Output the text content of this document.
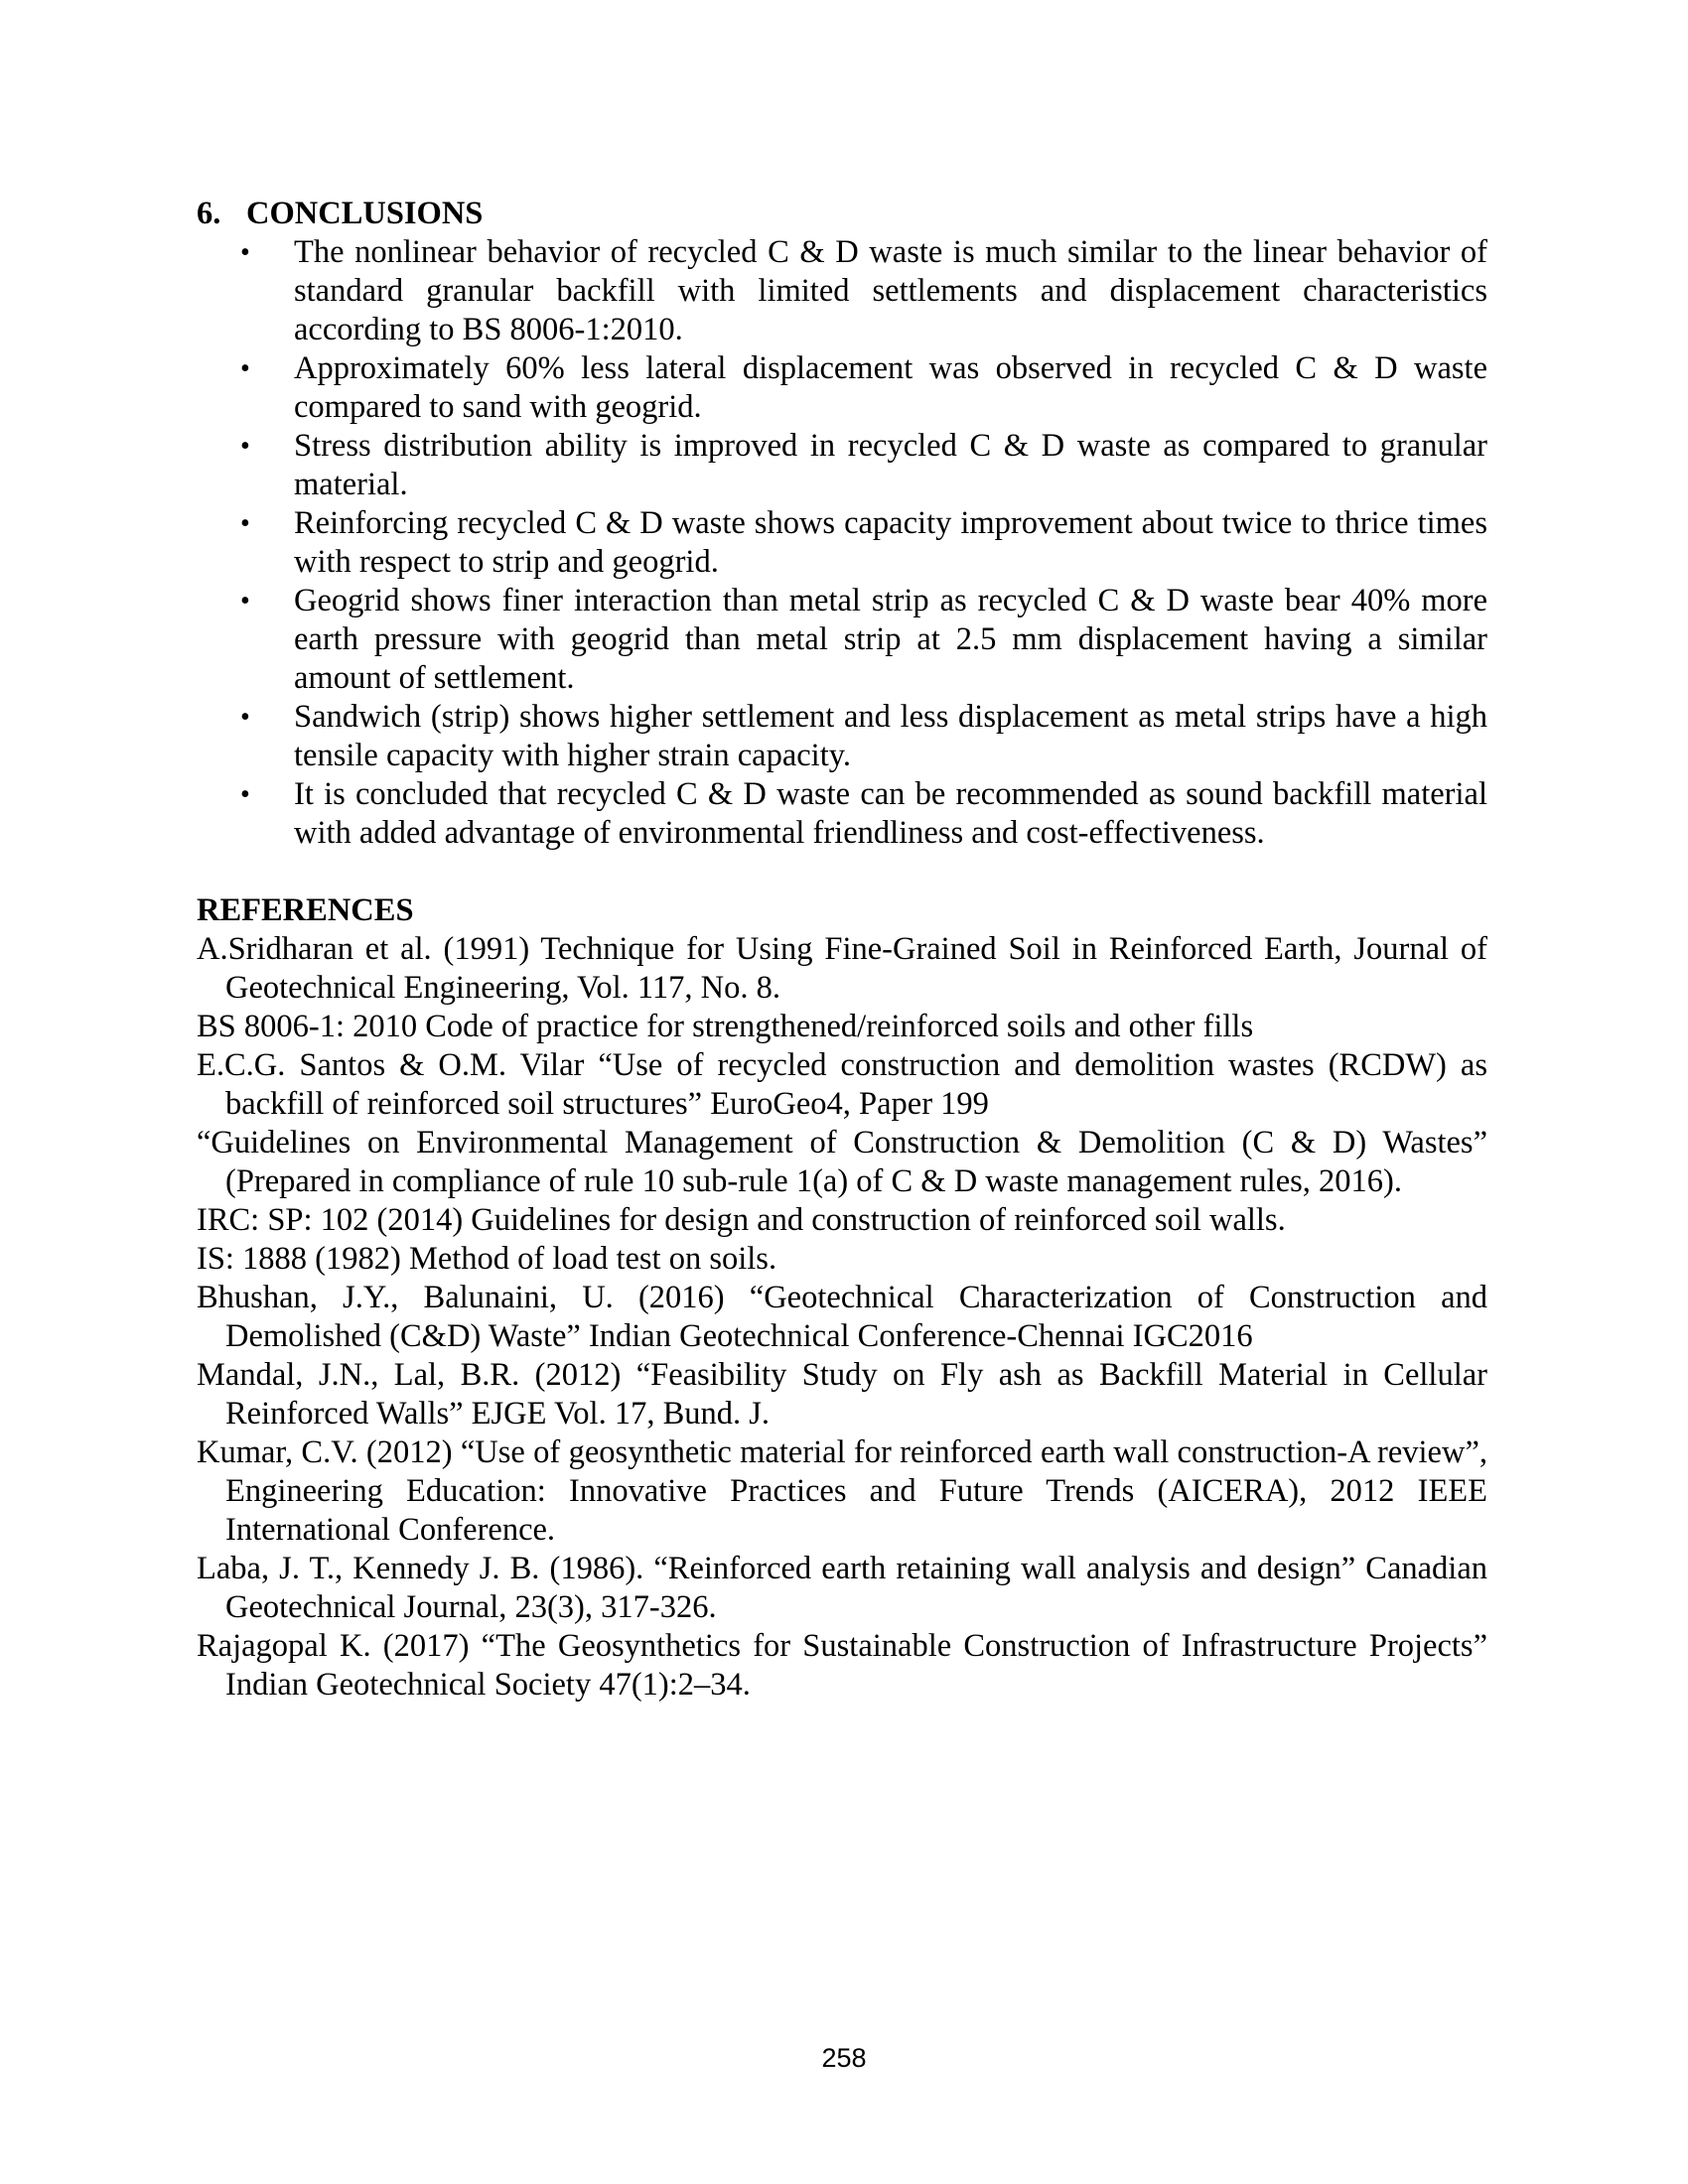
6. CONCLUSIONS
• The nonlinear behavior of recycled C & D waste is much similar to the linear behavior of standard granular backfill with limited settlements and displacement characteristics according to BS 8006-1:2010.
• Approximately 60% less lateral displacement was observed in recycled C & D waste compared to sand with geogrid.
• Stress distribution ability is improved in recycled C & D waste as compared to granular material.
• Reinforcing recycled C & D waste shows capacity improvement about twice to thrice times with respect to strip and geogrid.
• Geogrid shows finer interaction than metal strip as recycled C & D waste bear 40% more earth pressure with geogrid than metal strip at 2.5 mm displacement having a similar amount of settlement.
• Sandwich (strip) shows higher settlement and less displacement as metal strips have a high tensile capacity with higher strain capacity.
• It is concluded that recycled C & D waste can be recommended as sound backfill material with added advantage of environmental friendliness and cost-effectiveness.
REFERENCES
A.Sridharan et al. (1991) Technique for Using Fine-Grained Soil in Reinforced Earth, Journal of Geotechnical Engineering, Vol. 117, No. 8.
BS 8006-1: 2010 Code of practice for strengthened/reinforced soils and other fills
E.C.G. Santos & O.M. Vilar “Use of recycled construction and demolition wastes (RCDW) as backfill of reinforced soil structures” EuroGeo4, Paper 199
“Guidelines on Environmental Management of Construction & Demolition (C & D) Wastes” (Prepared in compliance of rule 10 sub-rule 1(a) of C & D waste management rules, 2016).
IRC: SP: 102 (2014) Guidelines for design and construction of reinforced soil walls.
IS: 1888 (1982) Method of load test on soils.
Bhushan, J.Y., Balunaini, U. (2016) “Geotechnical Characterization of Construction and Demolished (C&D) Waste” Indian Geotechnical Conference-Chennai IGC2016
Mandal, J.N., Lal, B.R. (2012) “Feasibility Study on Fly ash as Backfill Material in Cellular Reinforced Walls” EJGE Vol. 17, Bund. J.
Kumar, C.V. (2012) “Use of geosynthetic material for reinforced earth wall construction-A review”, Engineering Education: Innovative Practices and Future Trends (AICERA), 2012 IEEE International Conference.
Laba, J. T., Kennedy J. B. (1986). “Reinforced earth retaining wall analysis and design” Canadian Geotechnical Journal, 23(3), 317-326.
Rajagopal K. (2017) “The Geosynthetics for Sustainable Construction of Infrastructure Projects” Indian Geotechnical Society 47(1):2–34.
258
